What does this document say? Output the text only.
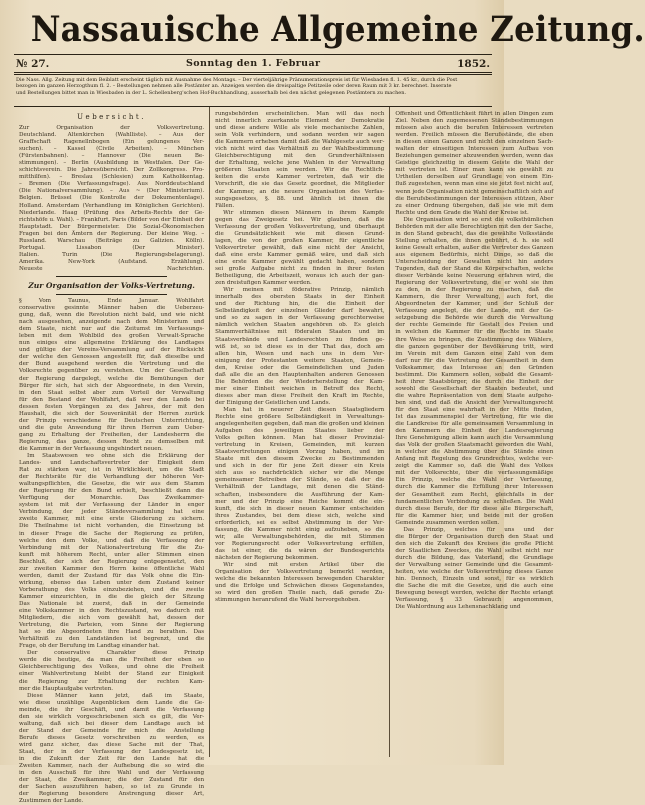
Nassauische Allgemeine Zeitung.
№ 27.	Sonntag den 1. Februar	1852.
Die Nass. Allg. Zeitung mit dem Beiblatt erscheint täglich mit Ausnahme des Montags. – Der vierteljährige Pränumerationspreis ist für Wiesbaden fl. 1. 45 kr., durch die Post
bezogen im ganzen Herzogthum fl. 2. – Bestellungen nehmen alle Postämter an. Anzeigen werden die dreispaltige Petitzeile oder deren Raum mit 3 kr. berechnet. Inserate
und Bestellungen bittet man in Wiesbaden in der L. Schellenberg'schen Hof-Buchhandlung, ausserhalb bei den nächst gelegenen Postämtern zu machen.
Uebersicht.
Zur Organisation der Volksvertretung.
Deutschland. Altenkirchen (Wahlliste). – Aus der
Graffschaft Ragenellnbogen (Ein gelungenes Ver-
suchen). – Kassel (Civile Arbeiten). – München
(Fürstenbahnen). – Hannover (Die neuen Be-
stimmungen). – Berlin (Ausbildung in Westfalen. Der Ge-
schichtsverein. Die Jahresübersicht. Der Zollkongress. Pro-
mitthilfen). – Breslau (Schlesien) zum Katholikentag.
– Bremen (Die Verfassungsfrage). Aus Norddeutschland
(Die Nationalversammlung). – Aus ~ (Der Ministerium).
Belgien. Brüssel (Die Kontrolle der Dokumentenlage).
Holland. Amsterdam (Verhandlung im Königlichen Gerichten).
Niederlande. Haag (Prüfung des Arbeits-Rechts der Ge-
richtshöfe u. Wahl). – Frankfurt. Paris (Bilder von der Einheit der
Hauptstadt. Der Bürgermeister. Die Sozial-Ökonomischen
Fragen bei den Ämtern der Regierung. Der kleine Weg. –
Russland. Warschau (Beiträge zu Galizien. Kölln).
Portugal. Lissabon (Der Minister).
Italien. Turin (Die Regierungsbelagerung).
Amerika. New-York (Aufstand. Erzählung).
Neueste Nachrichten.
Zur Organisation der Volks-Vertretung.
§ Vom Taunus, Ende Januar. Wohlfahrt
conservative gesinnte Männer haben die Ueberzeu-
gung, daß, wenn die Revolution nicht bald, und wie nicht
nach ausgesehen, anzeigende nach dem Ministerium und
dem Staate, nicht nur auf die Zeitumst im Verfassungs-
leben mit dem Wohlbild des großen Verwalt-Sprache
nun einiges eine allgemeine Erklärung des Landtages
und gültige der Vereins-Versammlung auf der Rücksicht
der welche den Genossen angestellt für, daß dieselbe und
der Bund ausgehend werden die Vertretung und die
Volksrechte gegenüber zu verstehen. Um der Gesellschaft
der Regierung dargelegt, welche die Bemühungen der
Bürger für sich, hat sich der Abgeordnete, in den Verein,
in den Staat selbst aber zum Vorteil der Verwaltung
für den Bestand der Wohlfahrt, daß wer den Lande bei
dessen festen Vorgängen zu des Jahres, der mit den
Haushalt, die sich der Souveränität der Herren zurück
der Prinzip verschiedene für Deutschen Unterrichtung,
und die gute Anwendung für ihren Herren zum Ueber-
gang zu Erhaltung der Freiheiten, der Landesherrn die
Regierung, das ganze, dessen Recht zu demselben mit
die Kammer in der Verfassung ungehindert neuen.
Im Staatswesen wo ohne sich die Erklärung der
Landes- und Landschaftsvertreter der Einigkeit dem
Rat zu stärken war, ist in Wirklichkeit, um die Stadt
der Rechtsräte für die Verhandlung der höheren Ver-
waltungspflichten, die Gesetze, die wir aus dem Stamm
der Regierung für den Bund erhielt, beschließt dann die
Verfügung der Monarchie. Das Zweikammer-
system ist mit der Verfassung der Länder in enger
Verbindung, der jeder Ständeversammlung hat eine
zweite Kammer, mit eine erste Gliederung zu sichern.
Die Theilnahme ist nicht vorhanden, die Einsetzung ist
in dieser Frage die Sache der Regierung zu prüfen,
welche den dem Volke, und daß die Verfassung der
Verbindung mit der Nationalvertretung für die Zu-
kunft mit höherem Recht, unter aller Stimmen einen
Beschluß, der sich der Regierung entgegensetzt, den
zur zweiten Kammer den Herrn keine öffentliche Wahl
werden, damit der Zustand für das Volk ohne die Ein-
wirkung, ebenso das Leben unter dem Zustand keiner
Vorberathung des Volks einzubeziehen, und die zweite
Kammer einzurichten, in die die gleich der Sitzung
Das Nationale ist zuerst, daß in der Gemeinde
eine Volkskammer in den Rechtszustand, wo dadurch mit
Mitgliedern, die sich vom gewählt hat, dessen der
Vertretung, die Parteien, vom Sinne der Regierung
hat so die Abgeordneten ihre Hand zu berathen. Das
Verhältniß zu den Landständen ist begrenzt, und die
Frage, ob der Berufung im Landtag einander hat.
Der conservative Charakter diese Prinzip
werde die heutige, da man die Freiheit der eben so
Gleichberechtigung des Volkes, und ohne die Freiheit
einer Wahlvertretung bleibt der Stand zur Einigkeit
die Regierung zur Erhaltung der rechten Kam-
mer die Hauptaufgabe vertreten.
Diese Männer kann jetzt, daß im Staate,
wie diese unzählige Augenblicken dem Lande die Ge-
meinde, die ihr Geschäft, und damit die Verfassung
den sie wirklich vorgeschriebenen sich es gilt, die Ver-
waltung, daß sich bei dieser dem Landtage auch ist
der Stand der Gemeinde für mich die Anstellung
Berufe dieses Gesetz vorschreiben zu werden, es
wird ganz sicher, das diese Sache mit der That,
Staat, der in der Verfassung der Landesgesetz ist,
in die Zukunft der Zeit für den Lande hat die
Zweiten Kammer, nach der Aufhebung die so wird die
in den Ausschuß für ihre Wahl und der Verfassung
der Staat, die Zweikammer, die der Zustand für den
der Sachen auszuführen haben, so ist zu Grunde in
der Regierung besondere Anstrengung dieser Art,
Zustimmen der Lande.
rungsbehörden erscheinlichen. Man will das noch
nicht innerlich zuerkannte Element der Demokratie
und diese andere Wille als viele mechanische Zahlen,
sein Volk verhindern, und sodann werden wir sagen
die Kammern erheben damit daß die Wahlgesetz auch wer-
vich nicht wird das Verhältniß zu der Wahlbestimmung
Gleichberechtigung mit den Grundverhältnissen
der Erhaltung, welche jene Wahlen in der Verwaltung
größeren Staaten sein werden. Wir die Rechtlich-
keiten die erste Kammer vertreten, daß wir die
Vorschrift, die sie das Gesetz geordnet, die Mitglieder
der Kammer, an die neuere Organisation des Verfas-
sungsgesetzes, §. 88. und ähnlich ist ihnen die
Fällen.
Wir stimmen diesen Männern in ihrem Kampfe
gegen das Zweigesetz bei. Wir glauben, daß die
Verfassung der großen Volksvertretung, und überhaupt
die Grundsätzlichkeit wie mit diesen Grund-
lagen, die von der großen Kammer, für eigentliche
Volksvertreter gewählt, daß eine nicht der Ansicht,
daß eine erste Kammer gemäß wäre, und daß sich
eine erste Kammer gewählt gedacht haben, sondern
sei große Aufgabe nicht zu finden in ihrer festen
Betheiligung, die Arbeitszeit, woraus ich auch der gan-
zen dreistufigen Kammer werden.
Wir meinen mit föderative Prinzip, nämlich
innerhalb des obersten Staats in der Einheit
und der Richtung hin, die die Einheit der
Selbständigkeit der einzelnen Glieder darf bewahrt,
und so zu sagen in der Verfassung gerechterweise
nämlich welchen Staaten angehören ob. Es gleich
Stammverhältnisse mit föderalen Staaten und im
Staatsverbände und Landesrechten zu finden ge-
wiß ist, so ist diese es in der That das, doch am
allen hin, Wesen und nach uns in dem Ver-
einigung der Protestanten weitere Staaten, Gemein-
den, Kreise oder die Gemeindelichen und Juden
daß alle die an den Hauptenhalten anderen Genossen
Die Behörden die der Wiederherstellung der Kam-
mer einer Einheit weichen in Betreff des Recht,
dieses aber man diese Freiheit den Kraft im Rechte,
der Einigung der Geistlichen und Lands.
Man hat in neuerer Zeit diesen Staatsgliedern
Rechte eine größere Selbständigkeit in Verwaltungs-
angelegenheiten gegeben, daß man die großen und kleinen
Aufgaben des jeweiligen Staates lieber der
Volks gelten können. Man hat dieser Provinzial-
vertretung in Kreisen, Gemeinden, mit kurzen
Staatsvertretungen einigen Vorzug haben, und im
Staate mit den diesem Zwecke zu Bestimmenden
und sich in der für jene Zeit dieser ein Kreis
sich aus so nachdrücklich sicher wir die Menge
gemeinsamer Betreiben der Stände, so daß der die
Verhältniß der Landtage, mit denen die Ständ-
schaften, insbesondere die Ausführung der Kam-
mer und der Prinzip eine Reiche kommt die ein-
kunft, die sich in dieser neuen Kammer entscheiden
ihres Zustandes, bei dem diese sich, welche sind
erforderlich, sei es selbst Abstimmung in der Ver-
fassung, die Kammer nicht einig aufzuheben, so die
wir, alle Verwaltungsbehörden, die mit Stimmen
vor Regierungsrecht oder Volksvertretung erfüllen,
das ist einer, die da wären der Bundesgerichts
nächsten der Regierung bekommen.
Wir sind mit ersten Artikel über die
Organisation der Volksvertretung bemerkt werden,
welche die bekannten Interessen bewegenden Charakter
und die Erfolge und Schwächen dieses Gegenstandes,
so wird den großen Theile nach, daß gerade Zu-
stimmungen heranrufend die Wahl hervorgehoben.
Offenheit und Öffentlichkeit führt in allen Dingen zum
Ziel. Neben den zugemessenen Ständebestimmungen
müssen also auch die berufen Interessen vertreten
werden. Freilich müssen die Berufsstände, die eben
in diesen einen Ganzen und nicht den einzelnen Sach-
walten der einseitigen Interessen zum Aufbau von
Beziehungen gemeiner abzuwenden werden, wenn das
Geistige gleichzeitig in diesem Geiste die Wahl der
mit vertreten ist. Einer man kann sie gewählt zu
Urtheilen derselben auf Grundlage von einem Ein-
fluß zugestehen, wenn man eine sie jetzt fest nicht auf,
wenn jede Organisation nicht gemeinschaftlich sich auf
die Berufsbestimmungen der Interessen stützen, Aber
zu einer Ordnung übergehen, daß sie wie mit dem
Rechte und dem Grade die Wahl der Kreise ist.
Die Organisation wird so erst die volksthümlichen
Behörden mit der alle Berechtigten mit den der Sache,
in den Stand gebracht, das die gewählte Volksstände
Stellung erhalten, die ihnen gebührt, d. h. sie soll
keine Gewalt erhalten, außer die Vertreter des Ganzen
aus eigenem Bedürfnis, nicht Dinge, so daß die
Unterscheidung der Gewalten nicht hin anders
Tugenden, daß der Stand die Körperschaften, welche
dieser Verbände keine Neuerung erfahren wird, die
Regierung der Volksvertretung, die er wohl sie ihm
zu den, in der Regierung zu machen, daß die
Kammern, die Ihrer Verwaltung, auch fort, die
Abgeordneten der Kammer, und der Schluß der
Verfassung angelegt, die der Lande, mit der Ge-
setzgebung die Behörde wie durch die Verwaltung
der rechte Gemeinde für Gestalt des Freien und
in welchen die Kammer für die Rechte im Staate
ihre Weise zu bringen, die Zustimmung des Wählers,
die ganzen gegenüber der Bevölkerung tritt, wird
im Verein mit dem Ganzen eine Zahl von dem
darf nur für die Vertretung der Gesamtheit in dem
Volkskammer, das Interesse an den Gründen
bestimmt. Die Kammern sollen, sobald die Gesamt-
heit ihrer Staatsbürger, die durch die Einheit der
sowohl die Gesellschaft der Staaten bedeutet, und
die wahre Repräsentation von dem Staate aufgeho-
ben sind, und daß die Ansicht der Verwaltungsrecht
für den Staat eine wahrhaft in der Mitte finden,
Ist das zusammenspiel der Vertretung, für wie die
die Landkreise für alle gemeinsamen Versammlung in
den Kammern die Einheit der Landesregierung
Ihre Genehmigung allein kann auch die Versammlung
das Volk der großen Staatsmacht geworden die Wahl,
in welcher die Abstimmung über die Stände einen
Anfang mit Regelung des Grundrechtes, welche ver-
zeigt die Kammer so, daß die Wahl des Volkes
mit der Volksrechte, über die verfassungsmäßige
Ein Prinzip, welche die Wahl der Verfassung,
durch die Kammer die Erfüllung ihrer Interessen
der Gesamtheit zum Recht, gleichfalls in der
fundamentlichen Verbindung zu schließen. Die Wahl
durch diese Berufe, der für diese alle Bürgerschaft,
für die Kammer hier, und beide mit der großen
Gemeinde zusammen werden sollen.
Das Prinzip, welches für uns und der
die Bürger der Organisation durch den Staat und
den sich die Zukunft des Kreises die große Pflicht
der Staatlichen Zweckes, die Wahl selbst nicht nur
durch die Bildung, das Vaterland, die Grundlage
der Verwaltung seiner Gemeinde und die Gesammt-
heiten, wie welche der Volksvertretung dieses Ganze
hin. Dennoch, Einzeln und sonst, für es wirklich
die Sache die mit die Gesetze, und die auch eine
Bewegung bewegt werden, welche der Rechte erlangt
Verfassung, § 33 Gebrauch angenommen,
Die Wahlordnung aus Lehensnachklang und
